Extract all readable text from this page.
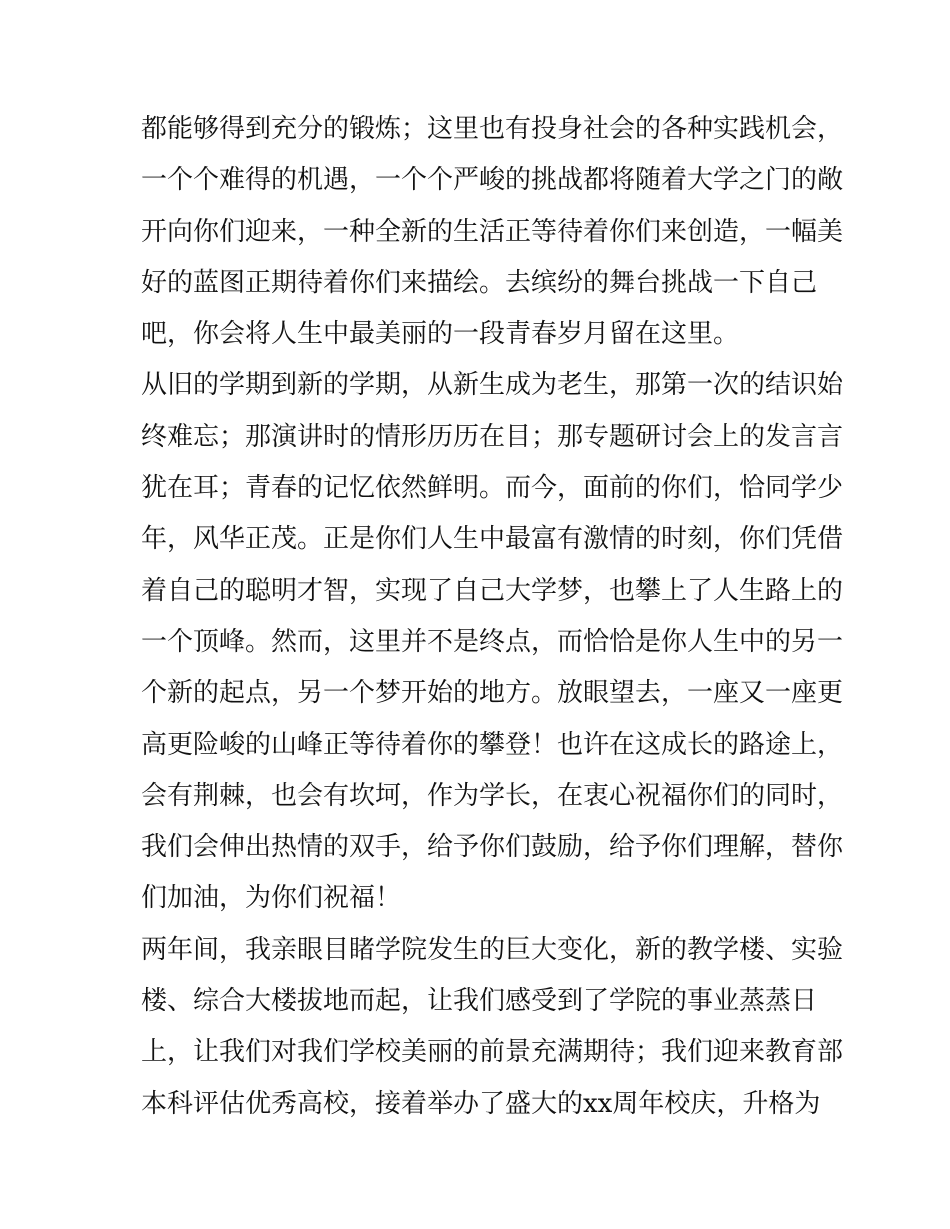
都能够得到充分的锻炼；这里也有投身社会的各种实践机会，
一个个难得的机遇，一个个严峻的挑战都将随着大学之门的敞
开向你们迎来，一种全新的生活正等待着你们来创造，一幅美
好的蓝图正期待着你们来描绘。去缤纷的舞台挑战一下自己
吧，你会将人生中最美丽的一段青春岁月留在这里。
从旧的学期到新的学期，从新生成为老生，那第一次的结识始
终难忘；那演讲时的情形历历在目；那专题研讨会上的发言言
犹在耳；青春的记忆依然鲜明。而今，面前的你们，恰同学少
年，风华正茂。正是你们人生中最富有激情的时刻，你们凭借
着自己的聪明才智，实现了自己大学梦，也攀上了人生路上的
一个顶峰。然而，这里并不是终点，而恰恰是你人生中的另一
个新的起点，另一个梦开始的地方。放眼望去，一座又一座更
高更险峻的山峰正等待着你的攀登！也许在这成长的路途上，
会有荆棘，也会有坎坷，作为学长，在衷心祝福你们的同时，
我们会伸出热情的双手，给予你们鼓励，给予你们理解，替你
们加油，为你们祝福！
两年间，我亲眼目睹学院发生的巨大变化，新的教学楼、实验
楼、综合大楼拔地而起，让我们感受到了学院的事业蒸蒸日
上，让我们对我们学校美丽的前景充满期待；我们迎来教育部
本科评估优秀高校，接着举办了盛大的xx周年校庆，升格为
